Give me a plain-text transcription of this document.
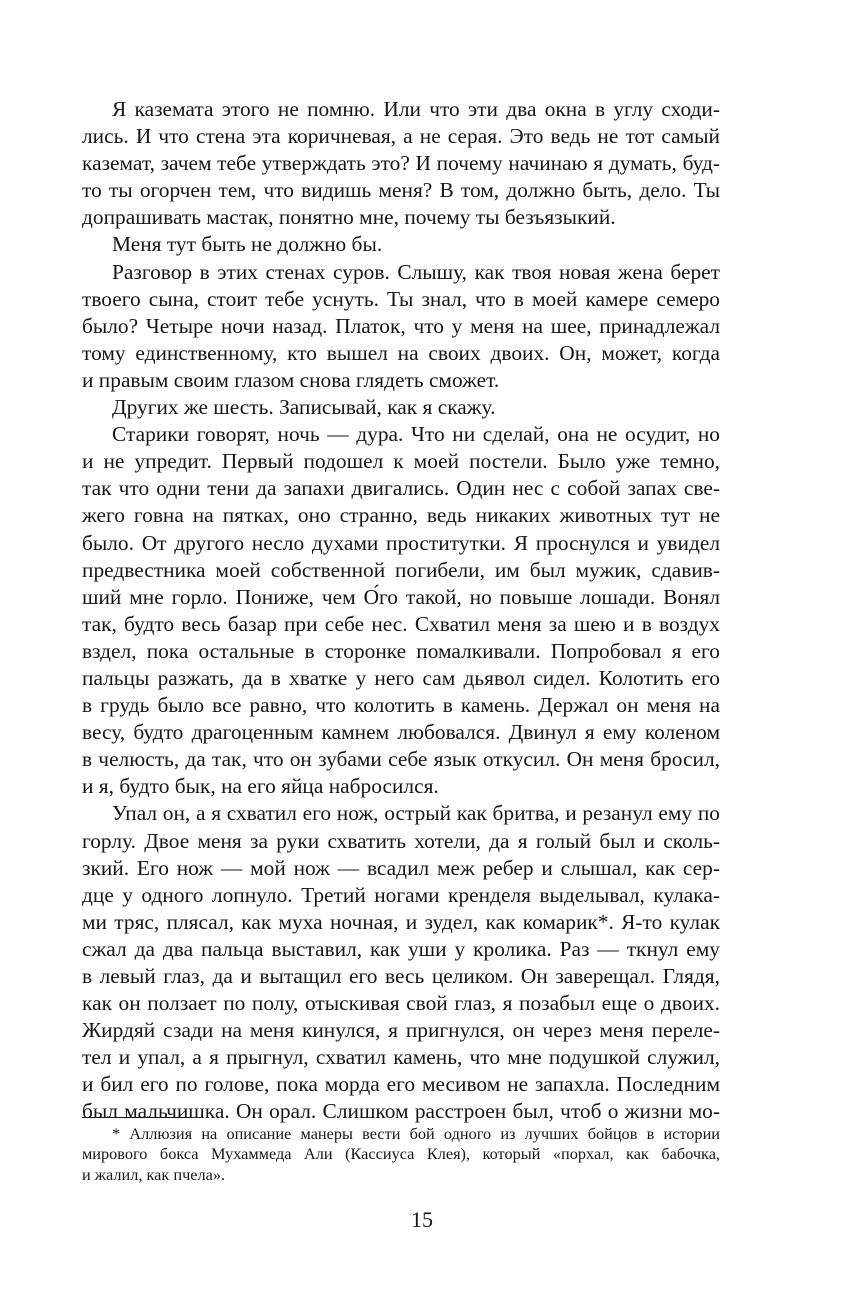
Я каземата этого не помню. Или что эти два окна в углу сходи-
лись. И что стена эта коричневая, а не серая. Это ведь не тот самый
каземат, зачем тебе утверждать это? И почему начинаю я думать, буд-
то ты огорчен тем, что видишь меня? В том, должно быть, дело. Ты
допрашивать мастак, понятно мне, почему ты безъязыкий.
Меня тут быть не должно бы.
Разговор в этих стенах суров. Слышу, как твоя новая жена берет
твоего сына, стоит тебе уснуть. Ты знал, что в моей камере семеро
было? Четыре ночи назад. Платок, что у меня на шее, принадлежал
тому единственному, кто вышел на своих двоих. Он, может, когда
и правым своим глазом снова глядеть сможет.
Других же шесть. Записывай, как я скажу.
Старики говорят, ночь — дура. Что ни сделай, она не осудит, но
и не упредит. Первый подошел к моей постели. Было уже темно,
так что одни тени да запахи двигались. Один нес с собой запах све-
жего говна на пятках, оно странно, ведь никаких животных тут не
было. От другого несло духами проститутки. Я проснулся и увидел
предвестника моей собственной погибели, им был мужик, сдавив-
ший мне горло. Пониже, чем О́го такой, но повыше лошади. Вонял
так, будто весь базар при себе нес. Схватил меня за шею и в воздух
вздел, пока остальные в сторонке помалкивали. Попробовал я его
пальцы разжать, да в хватке у него сам дьявол сидел. Колотить его
в грудь было все равно, что колотить в камень. Держал он меня на
весу, будто драгоценным камнем любовался. Двинул я ему коленом
в челюсть, да так, что он зубами себе язык откусил. Он меня бросил,
и я, будто бык, на его яйца набросился.
Упал он, а я схватил его нож, острый как бритва, и резанул ему по
горлу. Двое меня за руки схватить хотели, да я голый был и сколь-
зкий. Его нож — мой нож — всадил меж ребер и слышал, как сер-
дце у одного лопнуло. Третий ногами кренделя выделывал, кулака-
ми тряс, плясал, как муха ночная, и зудел, как комарик*. Я-то кулак
сжал да два пальца выставил, как уши у кролика. Раз — ткнул ему
в левый глаз, да и вытащил его весь целиком. Он заверещал. Глядя,
как он ползает по полу, отыскивая свой глаз, я позабыл еще о двоих.
Жирдяй сзади на меня кинулся, я пригнулся, он через меня переле-
тел и упал, а я прыгнул, схватил камень, что мне подушкой служил,
и бил его по голове, пока морда его месивом не запахла. Последним
был мальчишка. Он орал. Слишком расстроен был, чтоб о жизни мо-
* Аллюзия на описание манеры вести бой одного из лучших бойцов в истории
мирового бокса Мухаммеда Али (Кассиуса Клея), который «порхал, как бабочка,
и жалил, как пчела».
15
